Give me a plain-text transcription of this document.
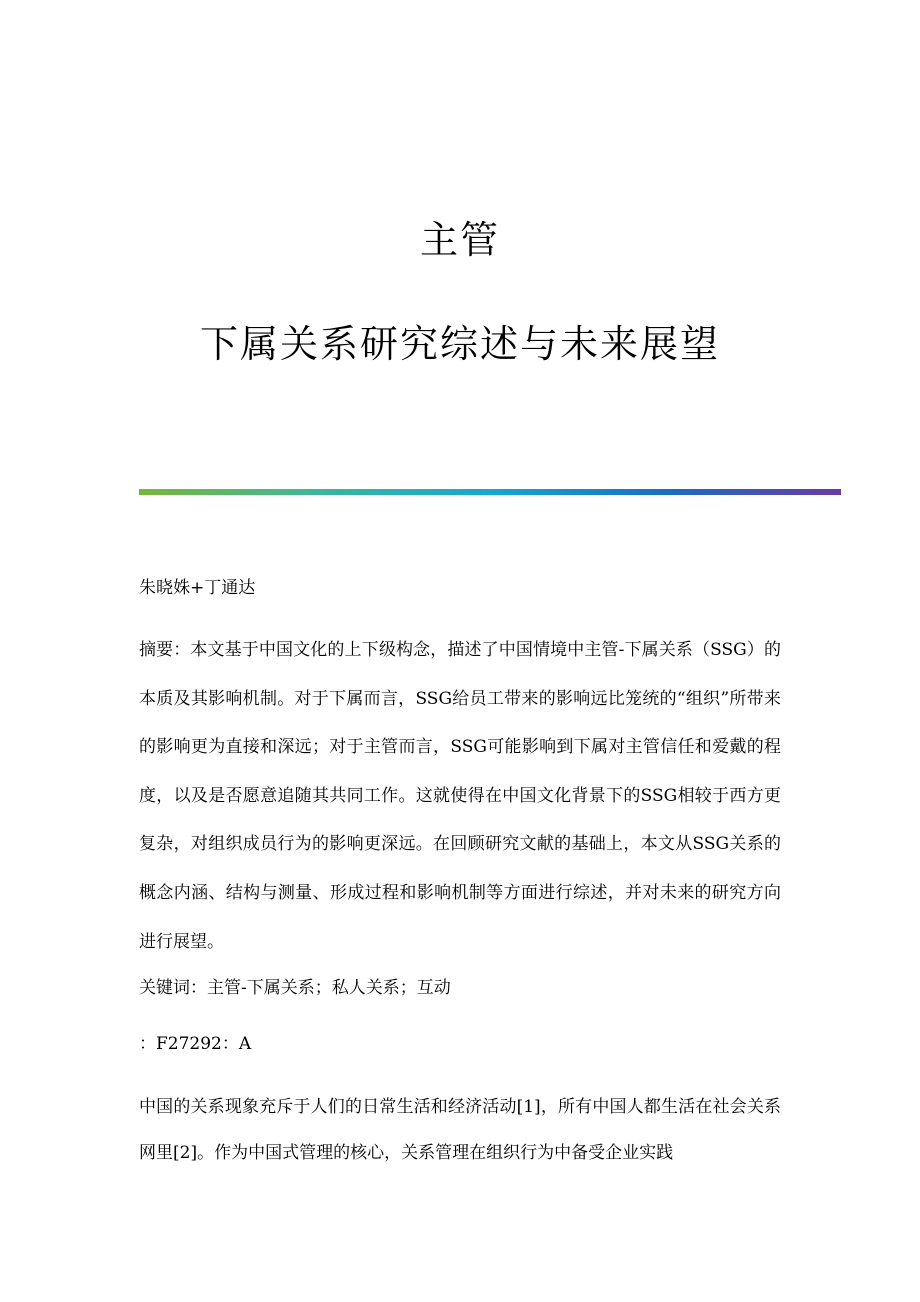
主管
下属关系研究综述与未来展望

朱晓姝+丁通达

摘要：本文基于中国文化的上下级构念，描述了中国情境中主管-下属关系（SSG）的本质及其影响机制。对于下属而言，SSG给员工带来的影响远比笼统的“组织”所带来的影响更为直接和深远；对于主管而言，SSG可能影响到下属对主管信任和爱戴的程度，以及是否愿意追随其共同工作。这就使得在中国文化背景下的SSG相较于西方更复杂，对组织成员行为的影响更深远。在回顾研究文献的基础上，本文从SSG关系的概念内涵、结构与测量、形成过程和影响机制等方面进行综述，并对未来的研究方向进行展望。

关键词：主管-下属关系；私人关系；互动

：F27292：A

中国的关系现象充斥于人们的日常生活和经济活动[1]，所有中国人都生活在社会关系网里[2]。作为中国式管理的核心，关系管理在组织行为中备受企业实践
